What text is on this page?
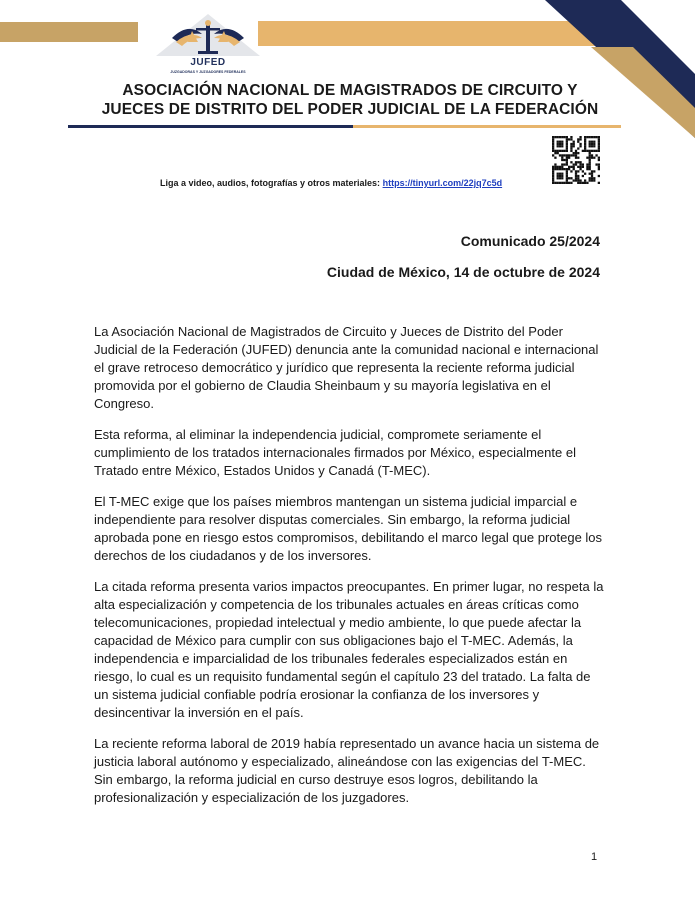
JUFED
JUZGADORAS Y JUZGADORES FEDERALES
ASOCIACIÓN NACIONAL DE MAGISTRADOS DE CIRCUITO Y
JUECES DE DISTRITO DEL PODER JUDICIAL DE LA FEDERACIÓN
Liga a video, audios, fotografías y otros materiales: https://tinyurl.com/22jq7c5d
Comunicado 25/2024
Ciudad de México, 14 de octubre de 2024

La Asociación Nacional de Magistrados de Circuito y Jueces de Distrito del Poder Judicial de la Federación (JUFED) denuncia ante la comunidad nacional e internacional el grave retroceso democrático y jurídico que representa la reciente reforma judicial promovida por el gobierno de Claudia Sheinbaum y su mayoría legislativa en el Congreso.

Esta reforma, al eliminar la independencia judicial, compromete seriamente el cumplimiento de los tratados internacionales firmados por México, especialmente el Tratado entre México, Estados Unidos y Canadá (T-MEC).

El T-MEC exige que los países miembros mantengan un sistema judicial imparcial e independiente para resolver disputas comerciales. Sin embargo, la reforma judicial aprobada pone en riesgo estos compromisos, debilitando el marco legal que protege los derechos de los ciudadanos y de los inversores.

La citada reforma presenta varios impactos preocupantes. En primer lugar, no respeta la alta especialización y competencia de los tribunales actuales en áreas críticas como telecomunicaciones, propiedad intelectual y medio ambiente, lo que puede afectar la capacidad de México para cumplir con sus obligaciones bajo el T-MEC. Además, la independencia e imparcialidad de los tribunales federales especializados están en riesgo, lo cual es un requisito fundamental según el capítulo 23 del tratado. La falta de un sistema judicial confiable podría erosionar la confianza de los inversores y desincentivar la inversión en el país.

La reciente reforma laboral de 2019 había representado un avance hacia un sistema de justicia laboral autónomo y especializado, alineándose con las exigencias del T-MEC. Sin embargo, la reforma judicial en curso destruye esos logros, debilitando la profesionalización y especialización de los juzgadores.

1
